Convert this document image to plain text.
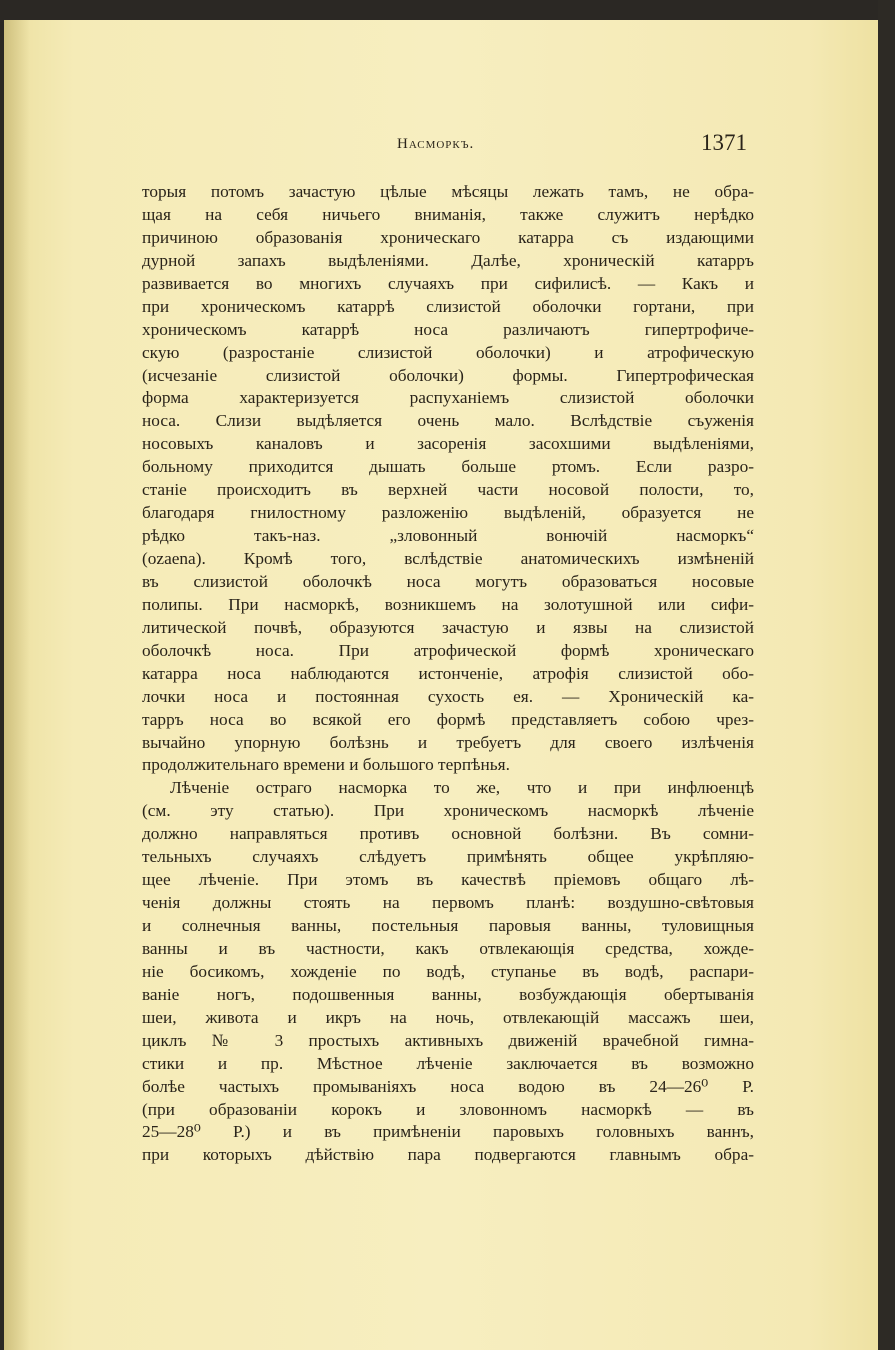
Насморкъ.	1371
торыя потомъ зачастую цѣлые мѣсяцы лежать тамъ, не обра-
щая на себя ничьего вниманія, также служитъ нерѣдко
причиною образованія хроническаго катарра съ издающими
дурной запахъ выдѣленіями. Далѣе, хроническій катарръ
развивается во многихъ случаяхъ при сифилисѣ. — Какъ и
при хроническомъ катаррѣ слизистой оболочки гортани, при
хроническомъ катаррѣ носа различаютъ гипертрофиче-
скую (разростаніе слизистой оболочки) и атрофическую
(исчезаніе слизистой оболочки) формы. Гипертрофическая
форма характеризуется распуханіемъ слизистой оболочки
носа. Слизи выдѣляется очень мало. Вслѣдствіе съуженія
носовыхъ каналовъ и засоренія засохшими выдѣленіями,
больному приходится дышать больше ртомъ. Если разро-
станіе происходитъ въ верхней части носовой полости, то,
благодаря гнилостному разложенію выдѣленій, образуется не
рѣдко такъ-наз. „зловонный вонючій насморкъ“
(ozaena). Кромѣ того, вслѣдствіе анатомическихъ измѣненій
въ слизистой оболочкѣ носа могутъ образоваться носовые
полипы. При насморкѣ, возникшемъ на золотушной или сифи-
литической почвѣ, образуются зачастую и язвы на слизистой
оболочкѣ носа. При атрофической формѣ хроническаго
катарра носа наблюдаются истонченіе, атрофія слизистой обо-
лочки носа и постоянная сухость ея. — Хроническій ка-
тарръ носа во всякой его формѣ представляетъ собою чрез-
вычайно упорную болѣзнь и требуетъ для своего излѣченія
продолжительнаго времени и большого терпѣнья.
Лѣченіе остраго насморка то же, что и при инфлюенцѣ
(см. эту статью). При хроническомъ насморкѣ лѣченіе
должно направляться противъ основной болѣзни. Въ сомни-
тельныхъ случаяхъ слѣдуетъ примѣнять общее укрѣпляю-
щее лѣченіе. При этомъ въ качествѣ пріемовъ общаго лѣ-
ченія должны стоять на первомъ планѣ: воздушно-свѣтовыя
и солнечныя ванны, постельныя паровыя ванны, туловищныя
ванны и въ частности, какъ отвлекающія средства, хожде-
ніе босикомъ, хожденіе по водѣ, ступанье въ водѣ, распари-
ваніе ногъ, подошвенныя ванны, возбуждающія обертыванія
шеи, живота и икръ на ночь, отвлекающій массажъ шеи,
циклъ № 3 простыхъ активныхъ движеній врачебной гимна-
стики и пр. Мѣстное лѣченіе заключается въ возможно
болѣе частыхъ промываніяхъ носа водою въ 24—26⁰ Р.
(при образованіи корокъ и зловонномъ насморкѣ — въ
25—28⁰ Р.) и въ примѣненіи паровыхъ головныхъ ваннъ,
при которыхъ дѣйствію пара подвергаются главнымъ обра-
